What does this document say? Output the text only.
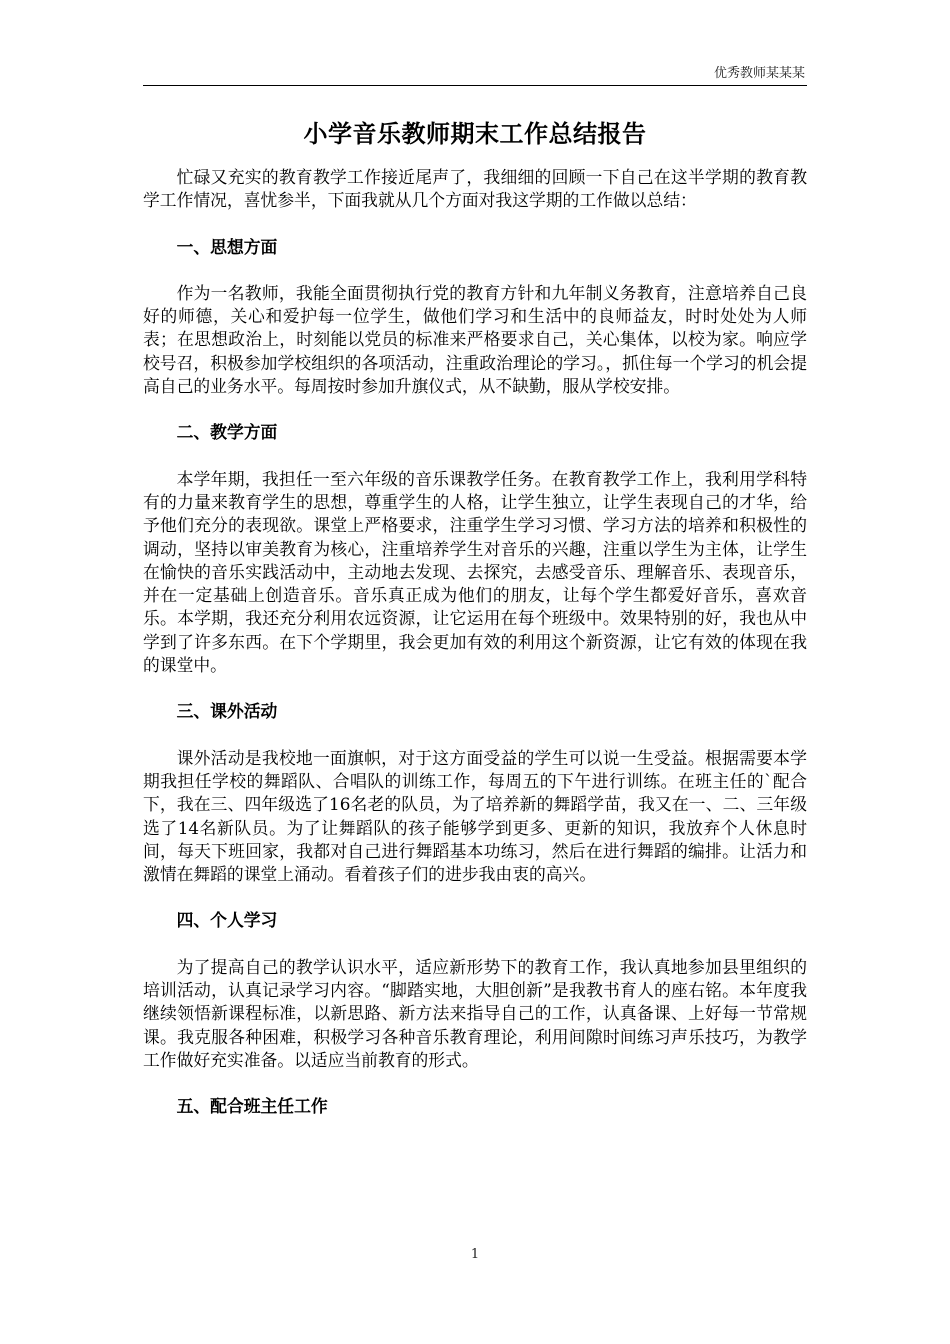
优秀教师某某某
小学音乐教师期末工作总结报告

忙碌又充实的教育教学工作接近尾声了，我细细的回顾一下自己在这半学期的教育教学工作情况，喜忧参半，下面我就从几个方面对我这学期的工作做以总结：

一、思想方面

作为一名教师，我能全面贯彻执行党的教育方针和九年制义务教育，注意培养自己良好的师德，关心和爱护每一位学生，做他们学习和生活中的良师益友，时时处处为人师表；在思想政治上，时刻能以党员的标准来严格要求自己，关心集体，以校为家。响应学校号召，积极参加学校组织的各项活动，注重政治理论的学习。，抓住每一个学习的机会提高自己的业务水平。每周按时参加升旗仪式，从不缺勤，服从学校安排。

二、教学方面

本学年期，我担任一至六年级的音乐课教学任务。在教育教学工作上，我利用学科特有的力量来教育学生的思想，尊重学生的人格，让学生独立，让学生表现自己的才华，给予他们充分的表现欲。课堂上严格要求，注重学生学习习惯、学习方法的培养和积极性的调动，坚持以审美教育为核心，注重培养学生对音乐的兴趣，注重以学生为主体，让学生在愉快的音乐实践活动中，主动地去发现、去探究，去感受音乐、理解音乐、表现音乐，并在一定基础上创造音乐。音乐真正成为他们的朋友，让每个学生都爱好音乐，喜欢音乐。本学期，我还充分利用农远资源，让它运用在每个班级中。效果特别的好，我也从中学到了许多东西。在下个学期里，我会更加有效的利用这个新资源，让它有效的体现在我的课堂中。

三、课外活动

课外活动是我校地一面旗帜，对于这方面受益的学生可以说一生受益。根据需要本学期我担任学校的舞蹈队、合唱队的训练工作，每周五的下午进行训练。在班主任的`配合下，我在三、四年级选了16名老的队员，为了培养新的舞蹈学苗，我又在一、二、三年级选了14名新队员。为了让舞蹈队的孩子能够学到更多、更新的知识，我放弃个人休息时间，每天下班回家，我都对自己进行舞蹈基本功练习，然后在进行舞蹈的编排。让活力和激情在舞蹈的课堂上涌动。看着孩子们的进步我由衷的高兴。

四、个人学习

为了提高自己的教学认识水平，适应新形势下的教育工作，我认真地参加县里组织的培训活动，认真记录学习内容。“脚踏实地，大胆创新”是我教书育人的座右铭。本年度我继续领悟新课程标准，以新思路、新方法来指导自己的工作，认真备课、上好每一节常规课。我克服各种困难，积极学习各种音乐教育理论，利用间隙时间练习声乐技巧，为教学工作做好充实准备。以适应当前教育的形式。

五、配合班主任工作
1
